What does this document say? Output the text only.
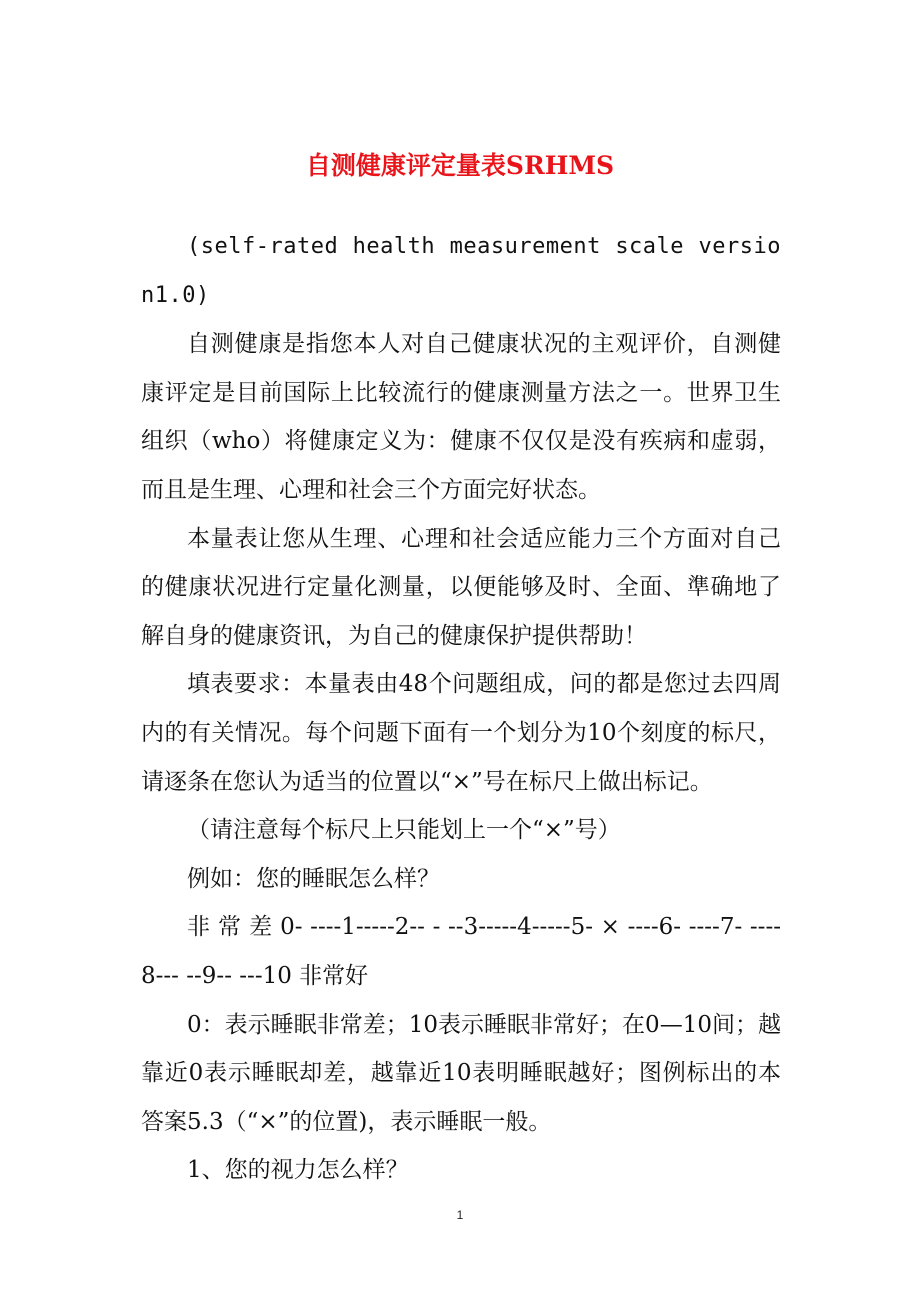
自测健康评定量表SRHMS

(self-rated health measurement scale version1.0)

自测健康是指您本人对自己健康状况的主观评价，自测健康评定是目前国际上比较流行的健康测量方法之一。世界卫生组织（who）将健康定义为：健康不仅仅是没有疾病和虚弱，而且是生理、心理和社会三个方面完好状态。

本量表让您从生理、心理和社会适应能力三个方面对自己的健康状况进行定量化测量，以便能够及时、全面、準确地了解自身的健康资讯，为自己的健康保护提供帮助！

填表要求：本量表由48个问题组成，问的都是您过去四周内的有关情况。每个问题下面有一个划分为10个刻度的标尺，请逐条在您认为适当的位置以“×”号在标尺上做出标记。

（请注意每个标尺上只能划上一个“×”号）

例如：您的睡眠怎么样？

非 常 差 0- ----1-----2-- - --3-----4-----5- × ----6- ----7- ----8--- --9-- ---10 非常好

0：表示睡眠非常差；10表示睡眠非常好；在0—10间；越靠近0表示睡眠却差，越靠近10表明睡眠越好；图例标出的本答案5.3（“×”的位置)，表示睡眠一般。

1、您的视力怎么样？

1
